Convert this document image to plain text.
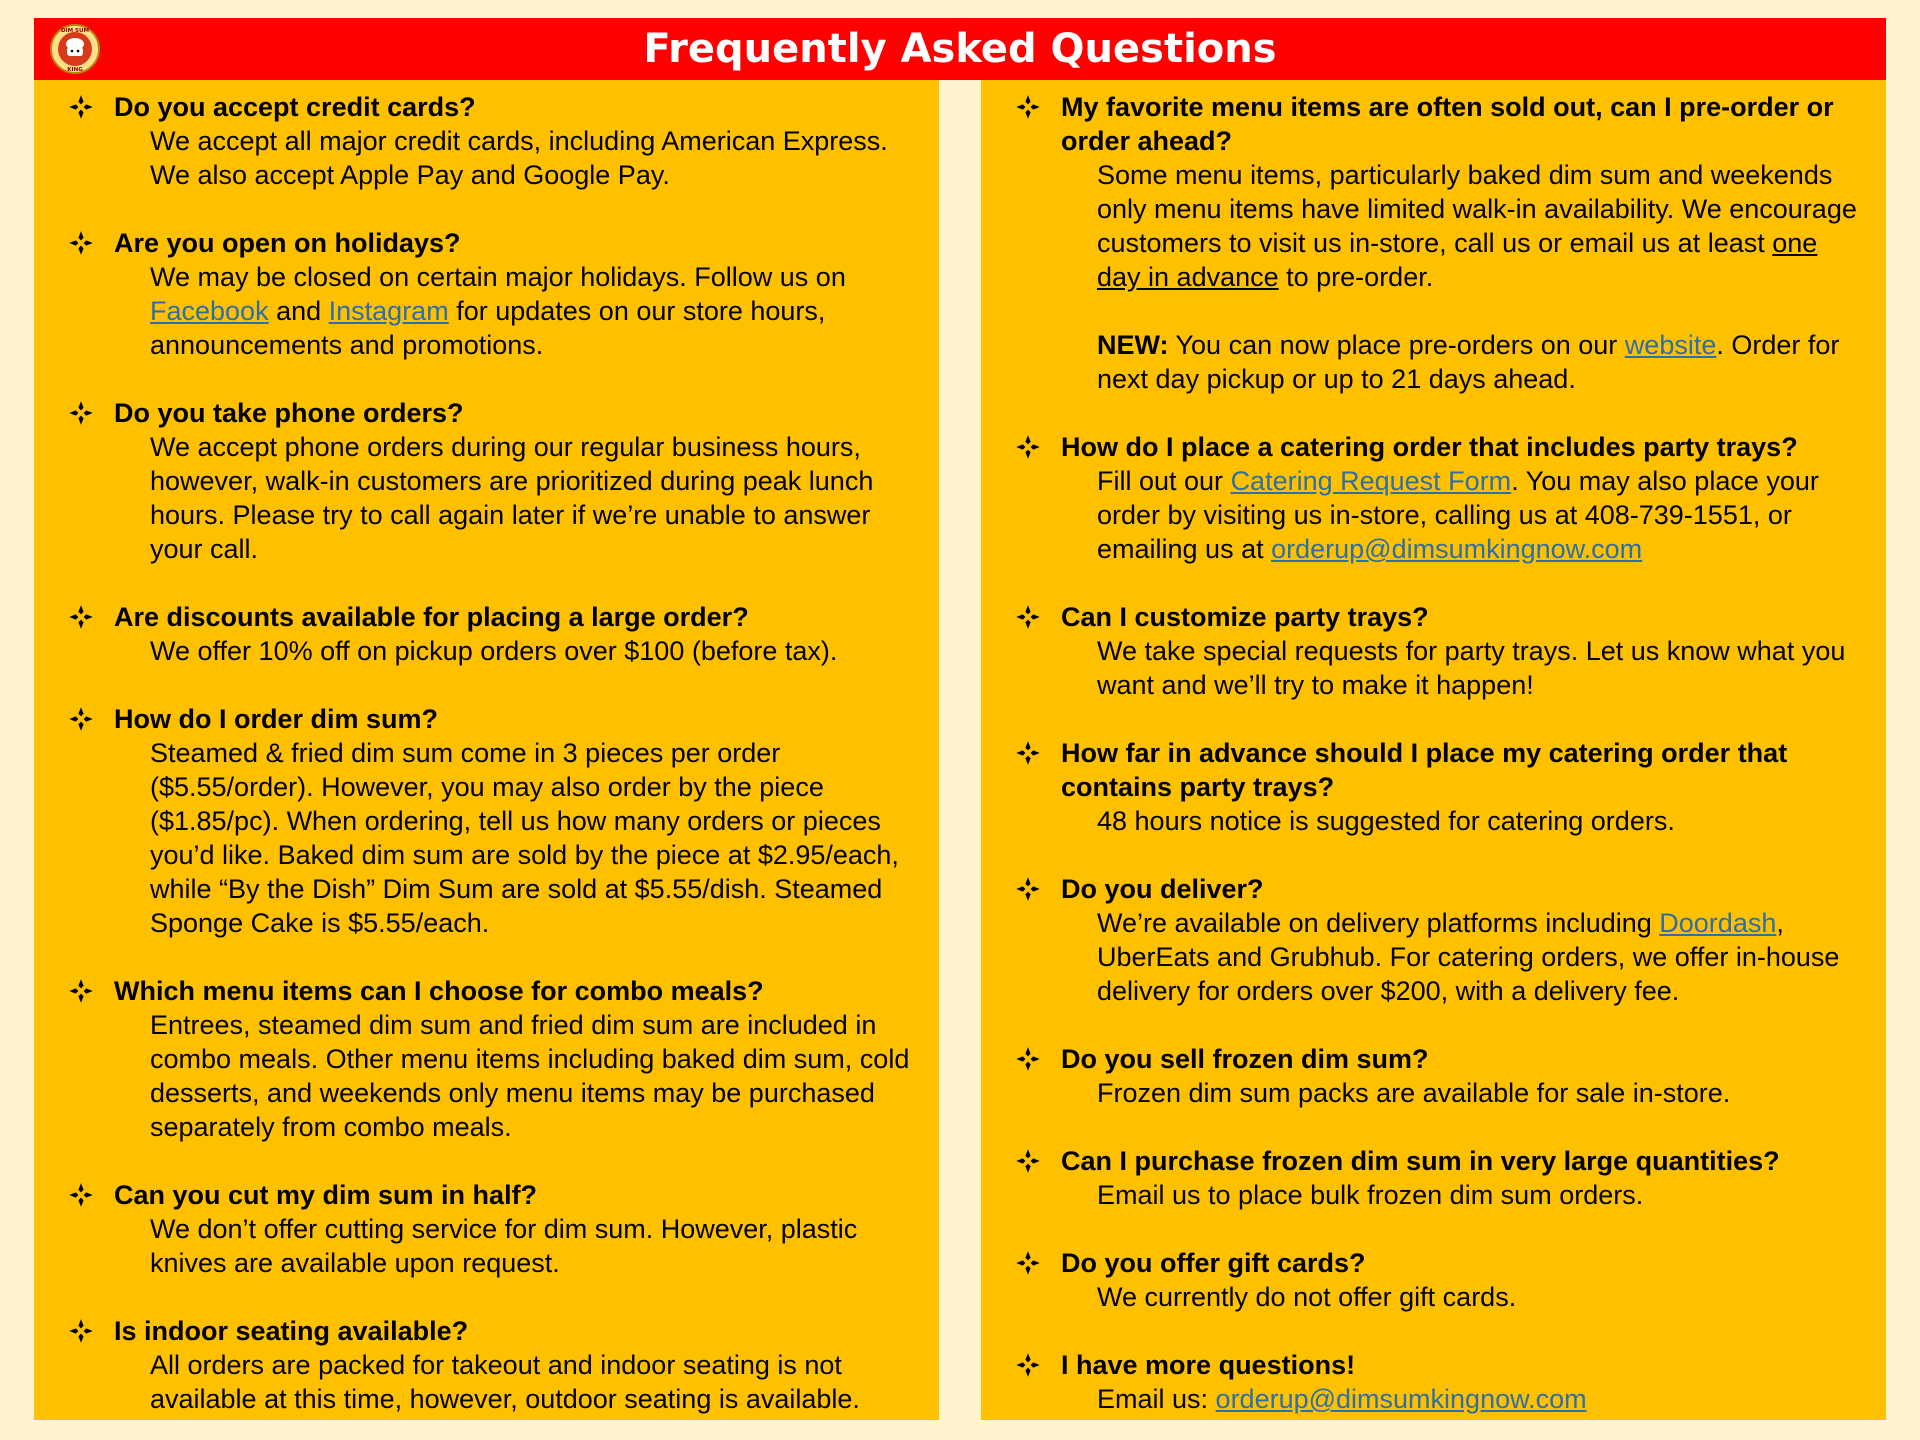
DIM SUM
KING	Frequently Asked Questions
Do you accept credit cards?
We accept all major credit cards, including American Express. We also accept Apple Pay and Google Pay.
Are you open on holidays?
We may be closed on certain major holidays. Follow us on Facebook and Instagram for updates on our store hours, announcements and promotions.
Do you take phone orders?
We accept phone orders during our regular business hours, however, walk-in customers are prioritized during peak lunch hours. Please try to call again later if we’re unable to answer your call.
Are discounts available for placing a large order?
We offer 10% off on pickup orders over $100 (before tax).
How do I order dim sum?
Steamed & fried dim sum come in 3 pieces per order ($5.55/order). However, you may also order by the piece ($1.85/pc). When ordering, tell us how many orders or pieces you’d like. Baked dim sum are sold by the piece at $2.95/each, while “By the Dish” Dim Sum are sold at $5.55/dish. Steamed Sponge Cake is $5.55/each.
Which menu items can I choose for combo meals?
Entrees, steamed dim sum and fried dim sum are included in combo meals. Other menu items including baked dim sum, cold desserts, and weekends only menu items may be purchased separately from combo meals.
Can you cut my dim sum in half?
We don’t offer cutting service for dim sum. However, plastic knives are available upon request.
Is indoor seating available?
All orders are packed for takeout and indoor seating is not available at this time, however, outdoor seating is available.
My favorite menu items are often sold out, can I pre-order or order ahead?

Some menu items, particularly baked dim sum and weekends only menu items have limited walk-in availability. We encourage customers to visit us in-store, call us or email us at least one day in advance to pre-order.

NEW: You can now place pre-orders on our website. Order for next day pickup or up to 21 days ahead.

How do I place a catering order that includes party trays?
Fill out our Catering Request Form. You may also place your order by visiting us in-store, calling us at 408-739-1551, or emailing us at orderup@dimsumkingnow.com
Can I customize party trays?
We take special requests for party trays. Let us know what you want and we’ll try to make it happen!
How far in advance should I place my catering order that contains party trays?
48 hours notice is suggested for catering orders.
Do you deliver?
We’re available on delivery platforms including Doordash, UberEats and Grubhub. For catering orders, we offer in-house delivery for orders over $200, with a delivery fee.
Do you sell frozen dim sum?
Frozen dim sum packs are available for sale in-store.
Can I purchase frozen dim sum in very large quantities?
Email us to place bulk frozen dim sum orders.
Do you offer gift cards?
We currently do not offer gift cards.
I have more questions!
Email us: orderup@dimsumkingnow.com
